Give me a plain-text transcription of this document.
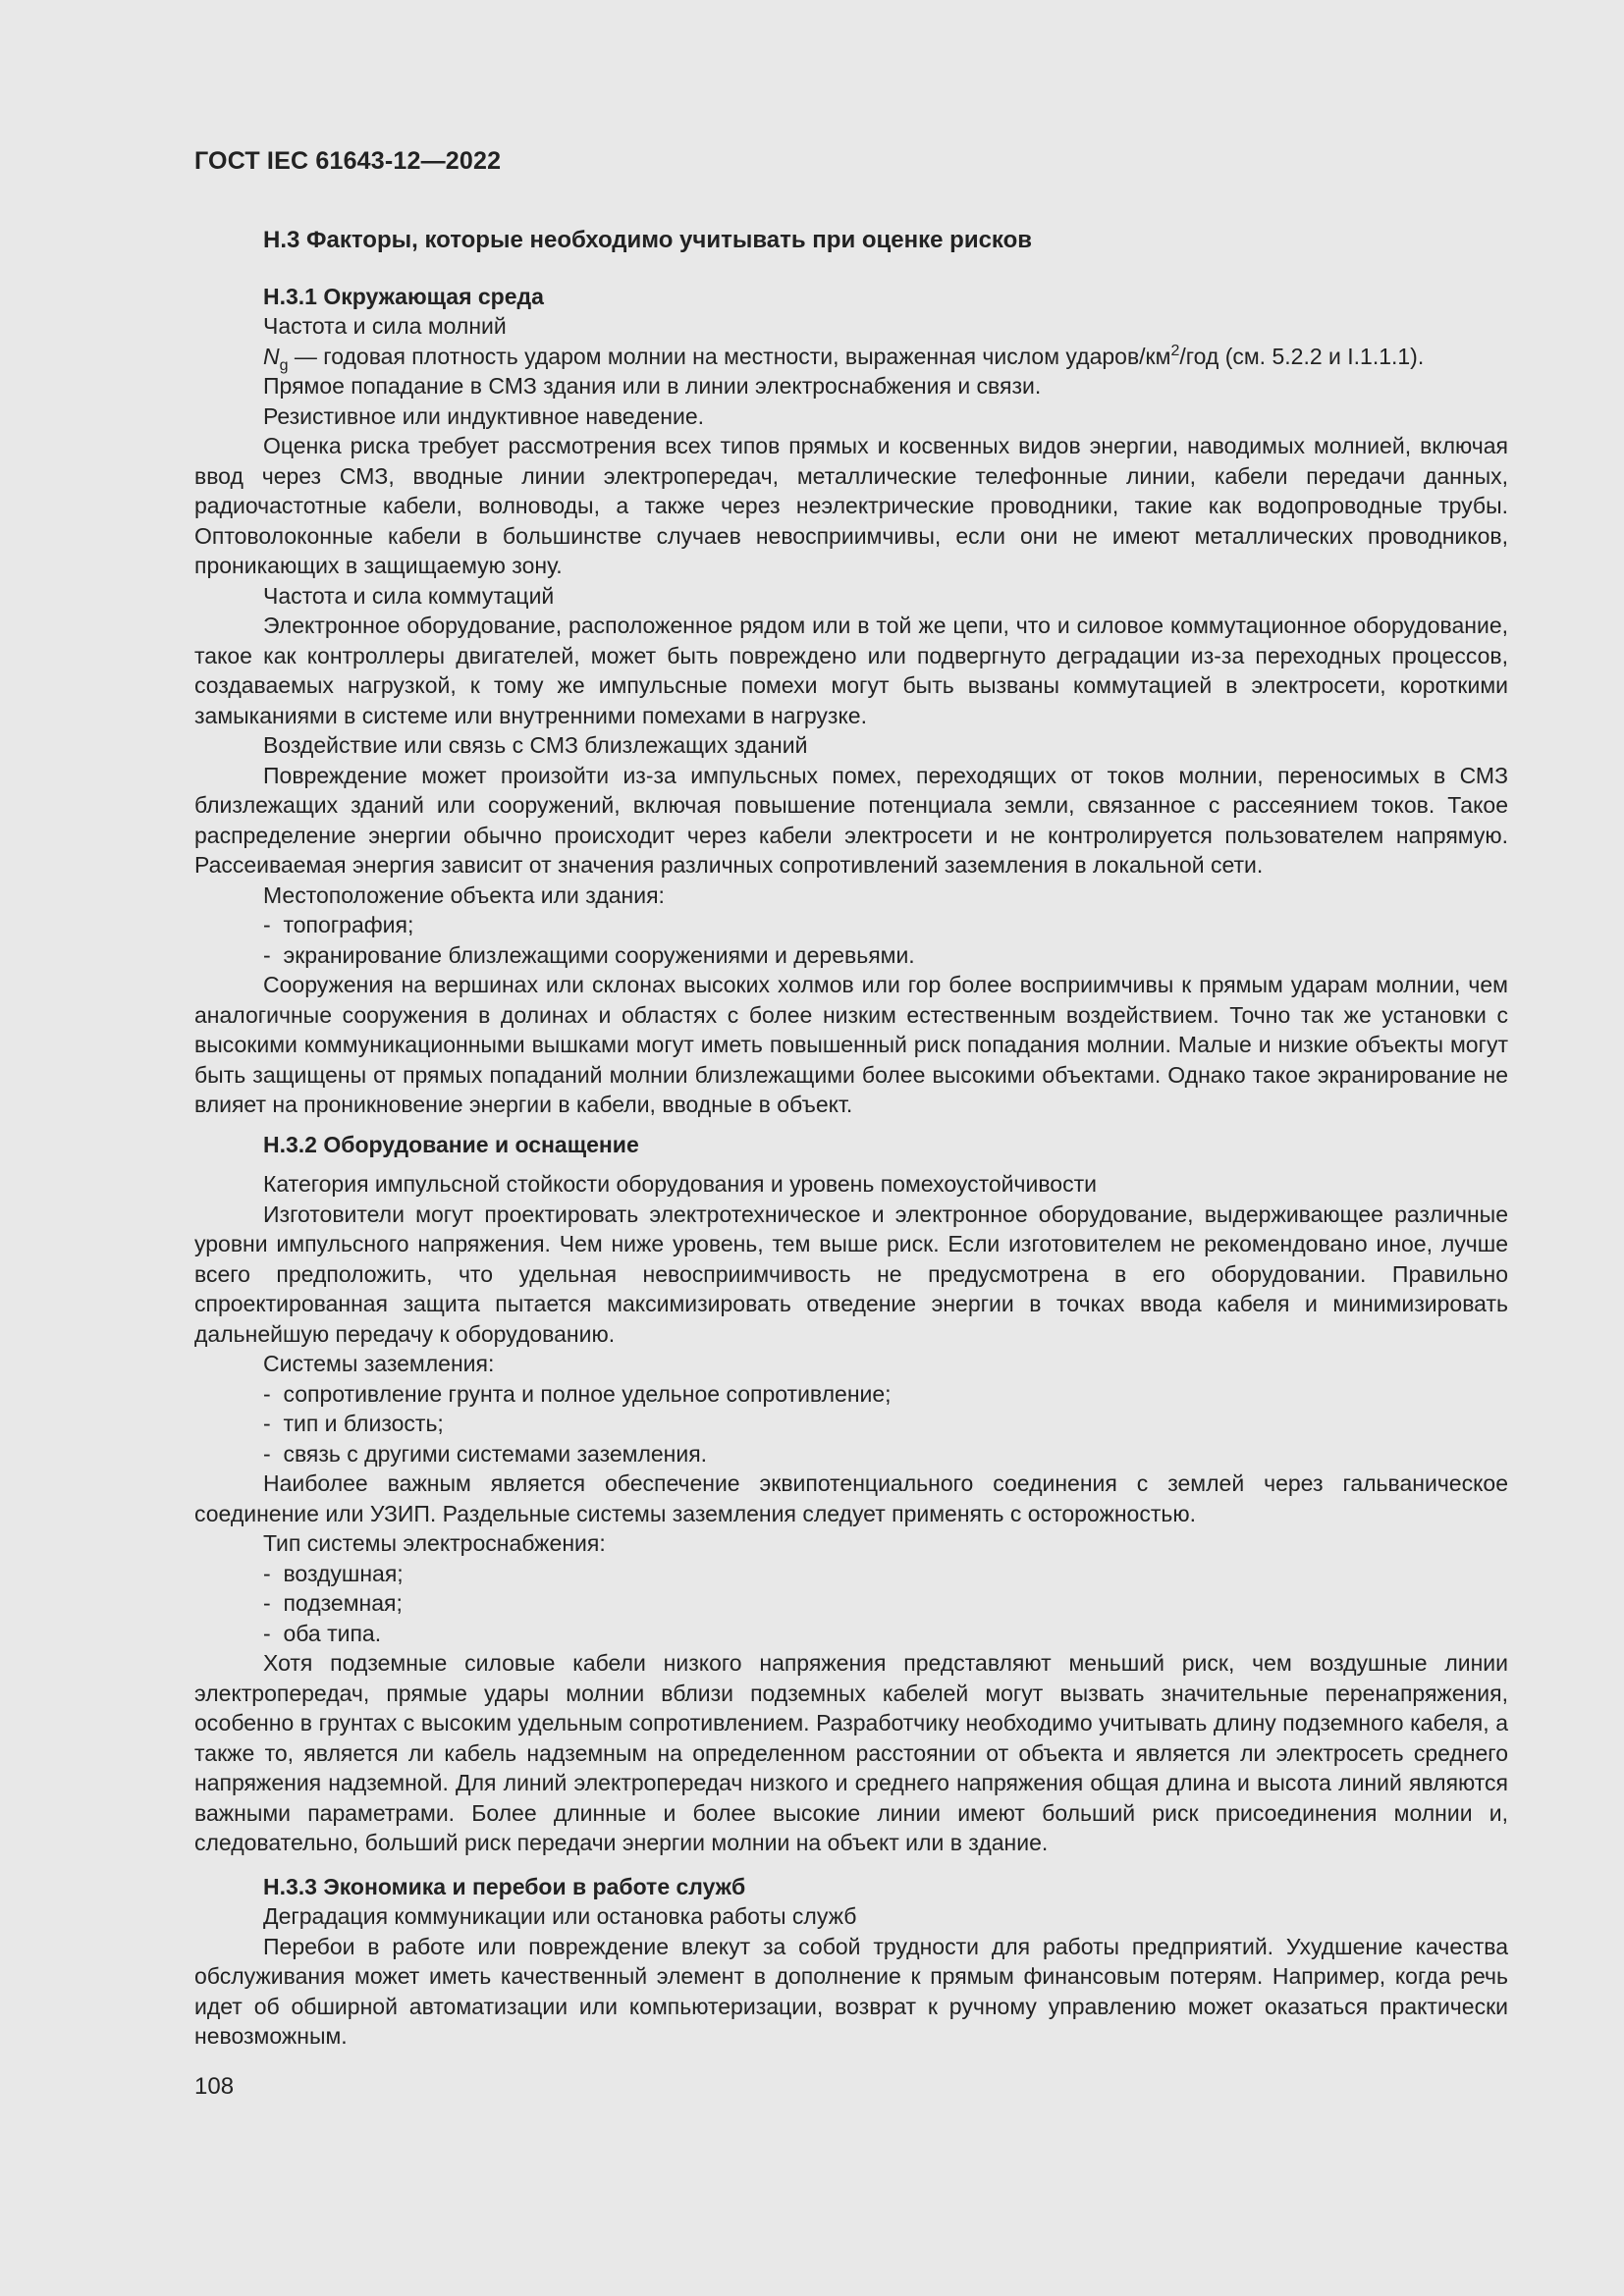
ГОСТ IEC 61643-12—2022
H.3 Факторы, которые необходимо учитывать при оценке рисков
H.3.1 Окружающая среда
Частота и сила молний
$N_g$ — годовая плотность ударом молнии на местности, выраженная числом ударов/$км^2$/год (см. 5.2.2 и I.1.1.1).
Прямое попадание в СМЗ здания или в линии электроснабжения и связи.
Резистивное или индуктивное наведение.
Оценка риска требует рассмотрения всех типов прямых и косвенных видов энергии, наводимых молнией, включая ввод через СМЗ, вводные линии электропередач, металлические телефонные линии, кабели передачи данных, радиочастотные кабели, волноводы, а также через неэлектрические проводники, такие как водопроводные трубы. Оптоволоконные кабели в большинстве случаев невосприимчивы, если они не имеют металлических проводников, проникающих в защищаемую зону.
Частота и сила коммутаций
Электронное оборудование, расположенное рядом или в той же цепи, что и силовое коммутационное оборудование, такое как контроллеры двигателей, может быть повреждено или подвергнуто деградации из-за переходных процессов, создаваемых нагрузкой, к тому же импульсные помехи могут быть вызваны коммутацией в электросети, короткими замыканиями в системе или внутренними помехами в нагрузке.
Воздействие или связь с СМЗ близлежащих зданий
Повреждение может произойти из-за импульсных помех, переходящих от токов молнии, переносимых в СМЗ близлежащих зданий или сооружений, включая повышение потенциала земли, связанное с рассеянием токов. Такое распределение энергии обычно происходит через кабели электросети и не контролируется пользователем напрямую. Рассеиваемая энергия зависит от значения различных сопротивлений заземления в локальной сети.
Местоположение объекта или здания:
-  топография;
-  экранирование близлежащими сооружениями и деревьями.
Сооружения на вершинах или склонах высоких холмов или гор более восприимчивы к прямым ударам молнии, чем аналогичные сооружения в долинах и областях с более низким естественным воздействием. Точно так же установки с высокими коммуникационными вышками могут иметь повышенный риск попадания молнии. Малые и низкие объекты могут быть защищены от прямых попаданий молнии близлежащими более высокими объектами. Однако такое экранирование не влияет на проникновение энергии в кабели, вводные в объект.
H.3.2 Оборудование и оснащение
Категория импульсной стойкости оборудования и уровень помехоустойчивости
Изготовители могут проектировать электротехническое и электронное оборудование, выдерживающее различные уровни импульсного напряжения. Чем ниже уровень, тем выше риск. Если изготовителем не рекомендовано иное, лучше всего предположить, что удельная невосприимчивость не предусмотрена в его оборудовании. Правильно спроектированная защита пытается максимизировать отведение энергии в точках ввода кабеля и минимизировать дальнейшую передачу к оборудованию.
Системы заземления:
-  сопротивление грунта и полное удельное сопротивление;
-  тип и близость;
-  связь с другими системами заземления.
Наиболее важным является обеспечение эквипотенциального соединения с землей через гальваническое соединение или УЗИП. Раздельные системы заземления следует применять с осторожностью.
Тип системы электроснабжения:
-  воздушная;
-  подземная;
-  оба типа.
Хотя подземные силовые кабели низкого напряжения представляют меньший риск, чем воздушные линии электропередач, прямые удары молнии вблизи подземных кабелей могут вызвать значительные перенапряжения, особенно в грунтах с высоким удельным сопротивлением. Разработчику необходимо учитывать длину подземного кабеля, а также то, является ли кабель надземным на определенном расстоянии от объекта и является ли электросеть среднего напряжения надземной. Для линий электропередач низкого и среднего напряжения общая длина и высота линий являются важными параметрами. Более длинные и более высокие линии имеют больший риск присоединения молнии и, следовательно, больший риск передачи энергии молнии на объект или в здание.
H.3.3 Экономика и перебои в работе служб
Деградация коммуникации или остановка работы служб
Перебои в работе или повреждение влекут за собой трудности для работы предприятий. Ухудшение качества обслуживания может иметь качественный элемент в дополнение к прямым финансовым потерям. Например, когда речь идет об обширной автоматизации или компьютеризации, возврат к ручному управлению может оказаться практически невозможным.
108
